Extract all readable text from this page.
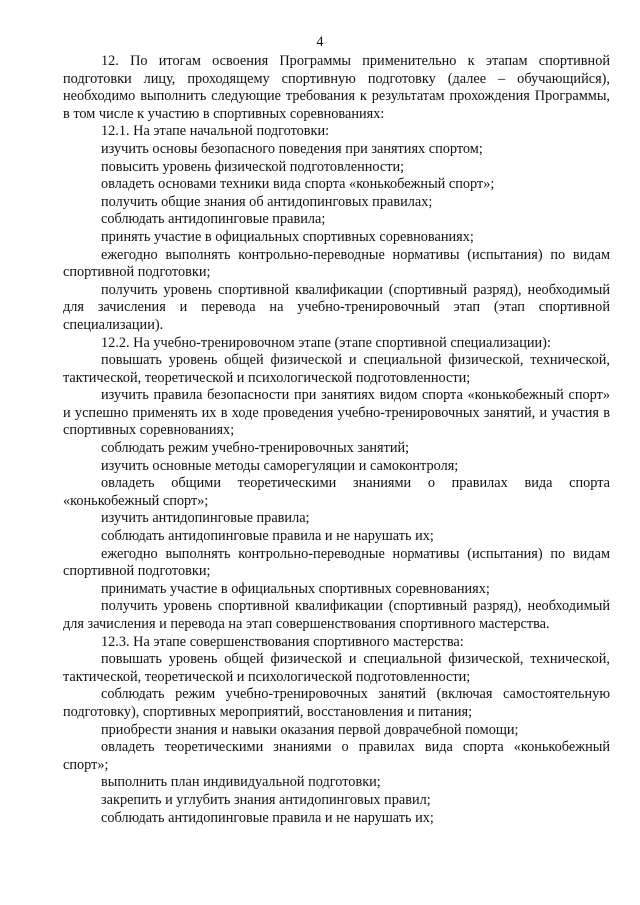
4

12. По итогам освоения Программы применительно к этапам спортивной подготовки лицу, проходящему спортивную подготовку (далее – обучающийся), необходимо выполнить следующие требования к результатам прохождения Программы, в том числе к участию в спортивных соревнованиях:

12.1. На этапе начальной подготовки:

изучить основы безопасного поведения при занятиях спортом;

повысить уровень физической подготовленности;

овладеть основами техники вида спорта «конькобежный спорт»;

получить общие знания об антидопинговых правилах;

соблюдать антидопинговые правила;

принять участие в официальных спортивных соревнованиях;

ежегодно выполнять контрольно-переводные нормативы (испытания) по видам спортивной подготовки;

получить уровень спортивной квалификации (спортивный разряд), необходимый для зачисления и перевода на учебно-тренировочный этап (этап спортивной специализации).

12.2. На учебно-тренировочном этапе (этапе спортивной специализации):

повышать уровень общей физической и специальной физической, технической, тактической, теоретической и психологической подготовленности;

изучить правила безопасности при занятиях видом спорта «конькобежный спорт» и успешно применять их в ходе проведения учебно-тренировочных занятий, и участия в спортивных соревнованиях;

соблюдать режим учебно-тренировочных занятий;

изучить основные методы саморегуляции и самоконтроля;

овладеть общими теоретическими знаниями о правилах вида спорта «конькобежный спорт»;

изучить антидопинговые правила;

соблюдать антидопинговые правила и не нарушать их;

ежегодно выполнять контрольно-переводные нормативы (испытания) по видам спортивной подготовки;

принимать участие в официальных спортивных соревнованиях;

получить уровень спортивной квалификации (спортивный разряд), необходимый для зачисления и перевода на этап совершенствования спортивного мастерства.

12.3. На этапе совершенствования спортивного мастерства:

повышать уровень общей физической и специальной физической, технической, тактической, теоретической и психологической подготовленности;

соблюдать режим учебно-тренировочных занятий (включая самостоятельную подготовку), спортивных мероприятий, восстановления и питания;

приобрести знания и навыки оказания первой доврачебной помощи;

овладеть теоретическими знаниями о правилах вида спорта «конькобежный спорт»;

выполнить план индивидуальной подготовки;

закрепить и углубить знания антидопинговых правил;

соблюдать антидопинговые правила и не нарушать их;
